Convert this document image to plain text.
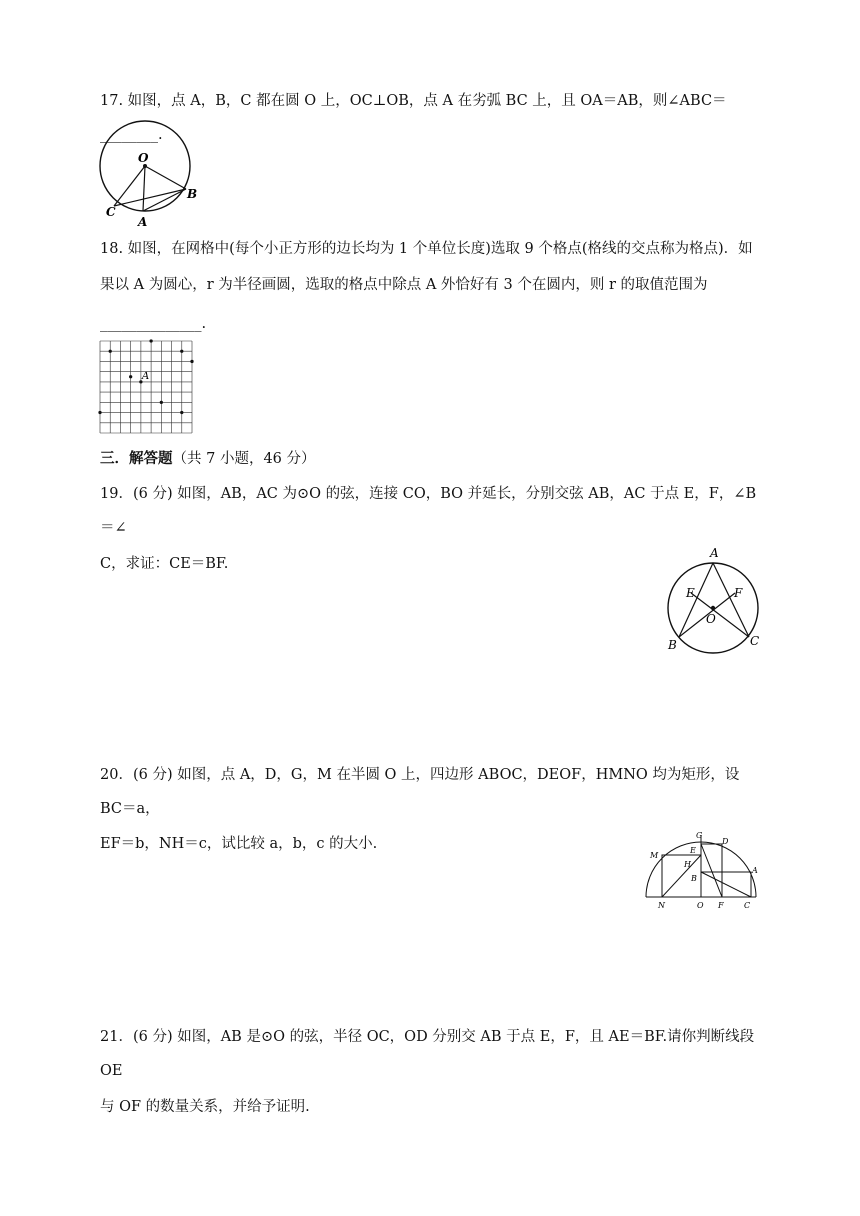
17. 如图，点 A，B，C 都在圆 O 上，OC⊥OB，点 A 在劣弧 BC 上，且 OA＝AB，则∠ABC＝________.

O
B
C
A

18. 如图，在网格中(每个小正方形的边长均为 1 个单位长度)选取 9 个格点(格线的交点称为格点)．如

果以 A 为圆心，r 为半径画圆，选取的格点中除点 A 外恰好有 3 个在圆内，则 r 的取值范围为

______________.

A
三．解答题（共 7 小题，46 分）

19．(6 分) 如图，AB，AC 为⊙O 的弦，连接 CO，BO 并延长，分别交弦 AB，AC 于点 E，F，∠B＝∠

C，求证：CE＝BF.

A
E	F
O
B	C

20．(6 分) 如图，点 A，D，G，M 在半圆 O 上，四边形 ABOC，DEOF，HMNO 均为矩形，设 BC＝a，

EF＝b，NH＝c，试比较 a，b，c 的大小.

G
D
M
E
H
A
B
N	O F	C

21．(6 分) 如图，AB 是⊙O 的弦，半径 OC，OD 分别交 AB 于点 E，F，且 AE＝BF.请你判断线段 OE

与 OF 的数量关系，并给予证明.
